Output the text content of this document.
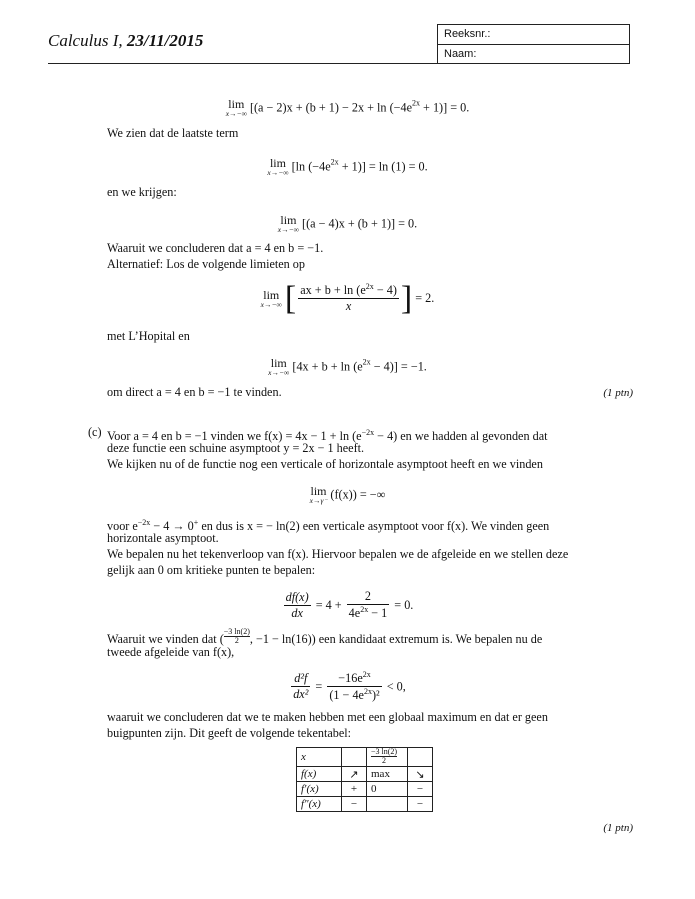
Calculus I, 23/11/2015	Reeksnr.:
Naam:
lim
x→−∞ $[(a - 2)x + (b + 1) - 2x + \ln (-4e^{2x} + 1)] = 0$.
We zien dat de laatste term
lim
x→−∞ [ln $(-4e^{2x} + 1)] = \ln (1) = 0$.
en we krijgen:
lim
x→−∞ [(a − 4)x + (b + 1)] = 0.
Waaruit we concluderen dat a = 4 en b = −1.
Alternatief: Los de volgende limieten op
lim
x→−∞ [ $\frac{ax + b + \ln (e^{2x} - 4)}{x}$ ] = 2.
met L’Hopital en
lim
x→−∞ $[4x + b + \ln (e^{2x} - 4)] = -1$.
om direct a = 4 en b = −1 te vinden.	(1 ptn)
(c) Voor a = 4 en b = −1 vinden we $f(x) = 4x - 1 + \ln (e^{-2x} - 4)$ en we hadden al gevonden dat
deze functie een schuine asymptoot y = 2x − 1 heeft.
We kijken nu of de functie nog een verticale of horizontale asymptoot heeft en we vinden
lim
x→γ⁻ (f(x)) = −∞
voor $e^{-2x} - 4 \to 0^+$ en dus is x = − ln(2) een verticale asymptoot voor f(x). We vinden geen
horizontale asymptoot.
We bepalen nu het tekenverloop van f(x). Hiervoor bepalen we de afgeleide en we stellen deze
gelijk aan 0 om kritieke punten te bepalen:
$\frac{df(x)}{dx} = 4 + \frac{2}{4e^{2x} - 1} = 0$.
Waaruit we vinden dat ( $\frac{-3 \ln(2)}{2}$ , −1 − ln(16)) een kandidaat extremum is. We bepalen nu de
tweede afgeleide van f(x),
$\frac{\text{d²f}}{\text{dx²}} = \frac{-16e^{2x}}{(1 - 4e^{2x})^2} < 0$,
waaruit we concluderen dat we te maken hebben met een globaal maximum en dat er geen
buigpunten zijn. Dit geeft de volgende tekentabel:
x		$\frac{-3 \ln(2)}{2}$

f(x)	↗	max	↘
f′(x)	+	0	−
f″(x)	−		−
(1 ptn)
